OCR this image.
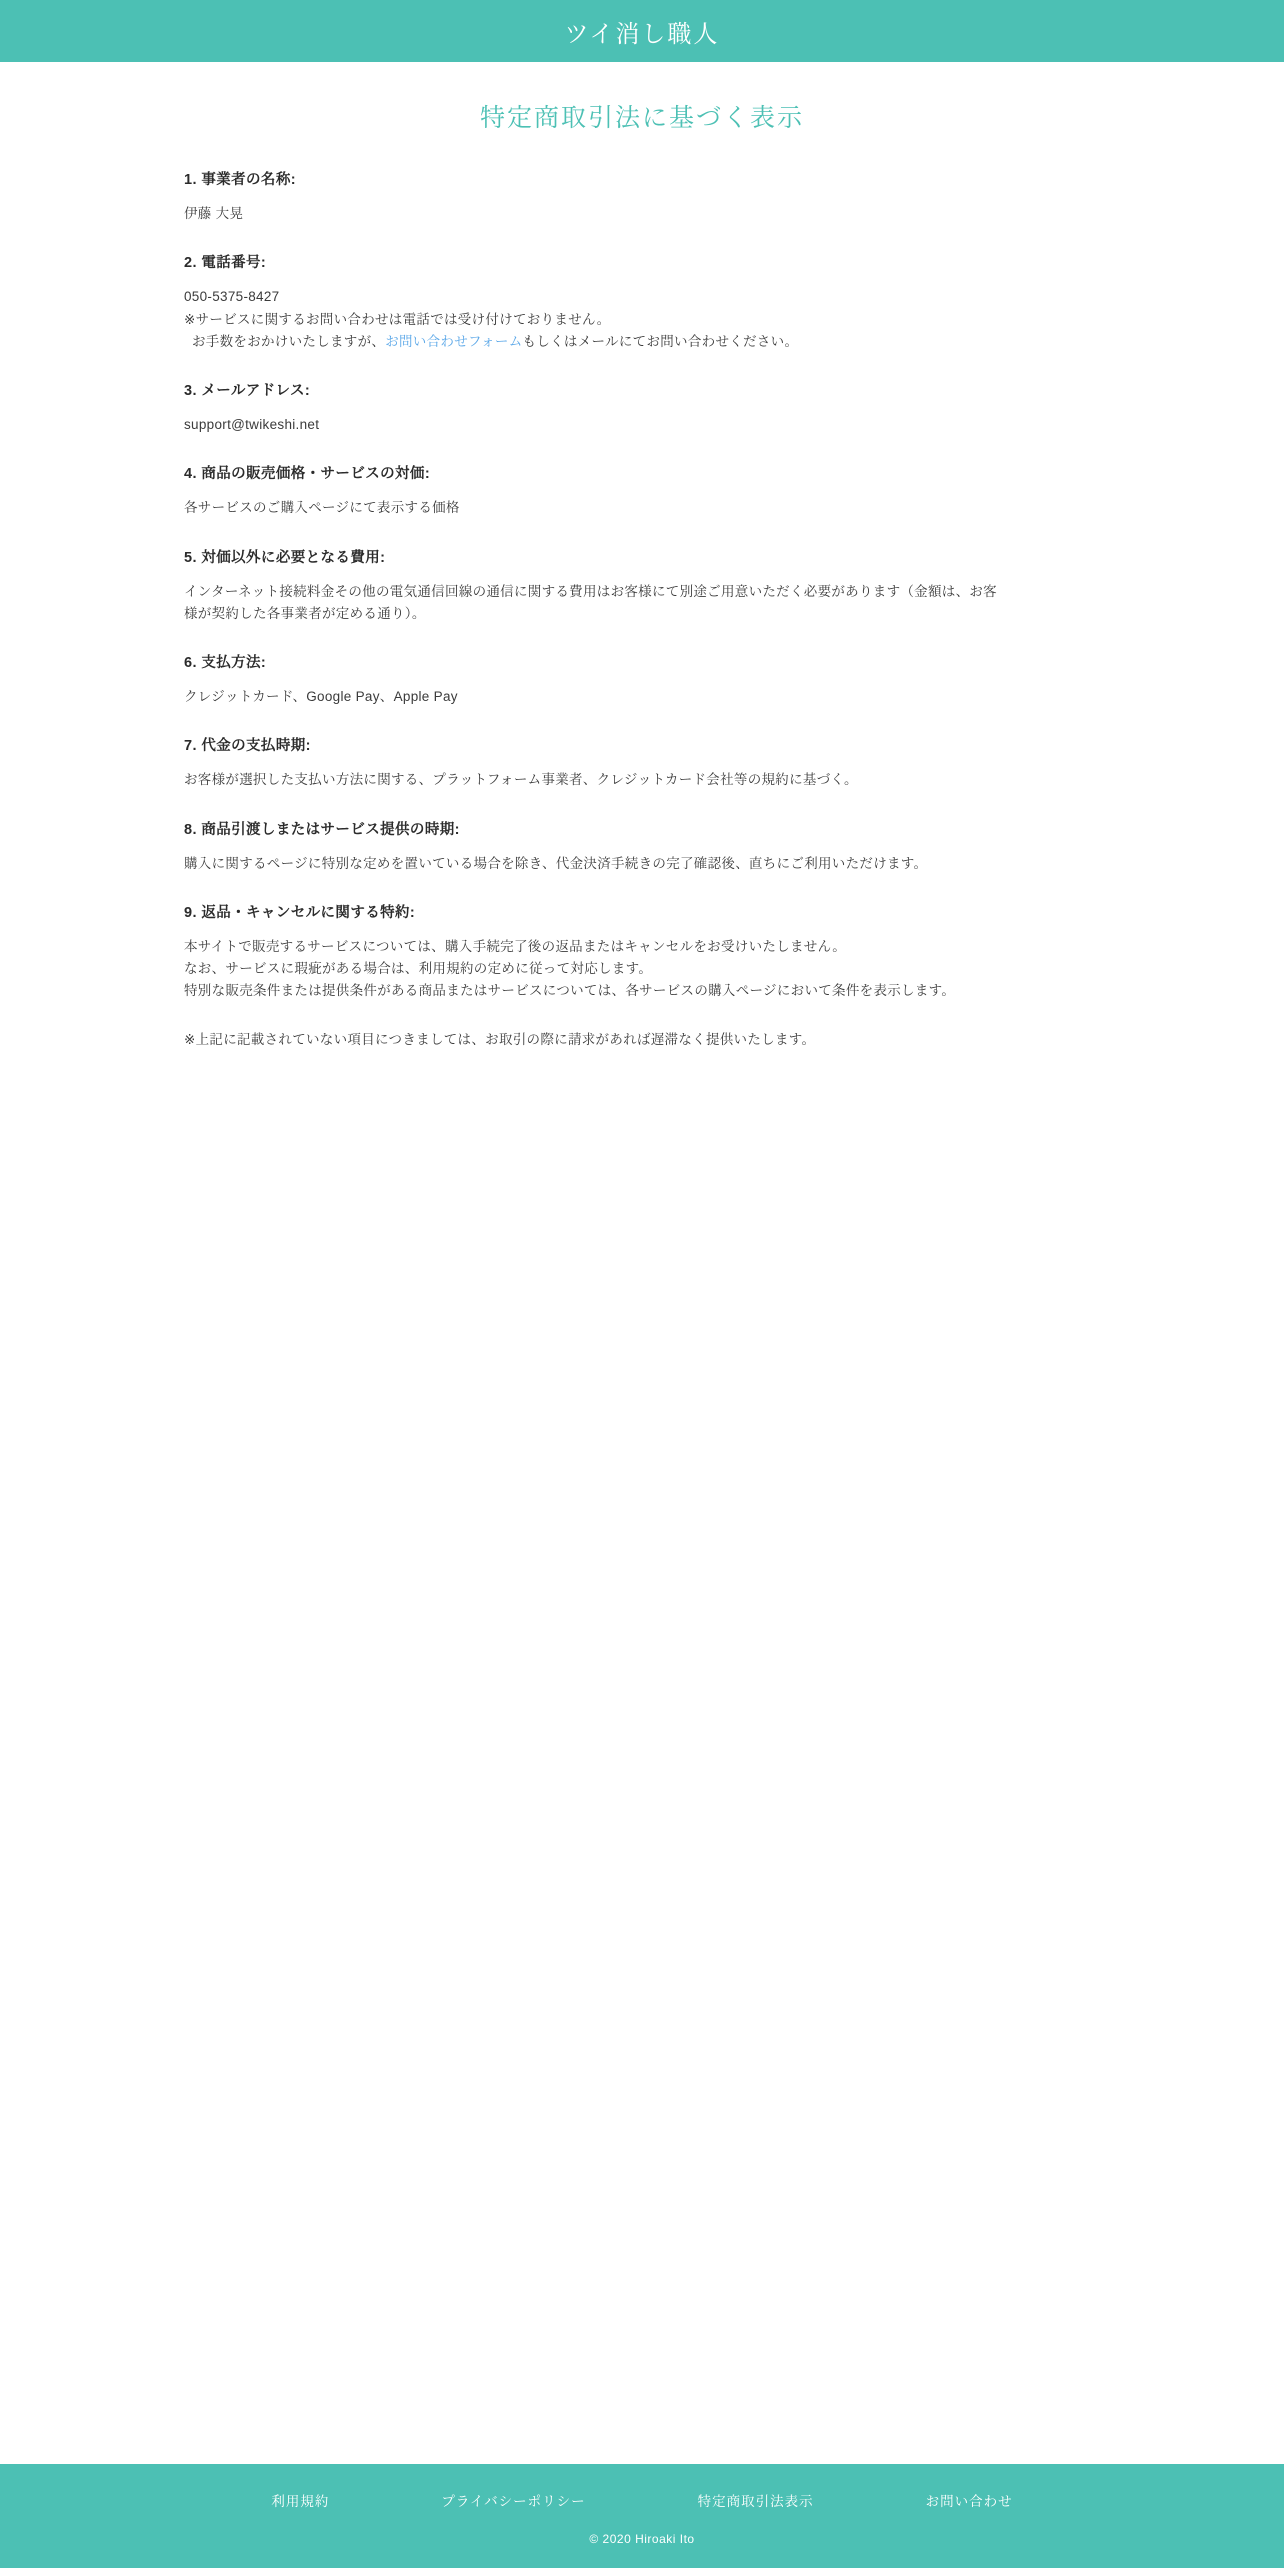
ツイ消し職人
特定商取引法に基づく表示
1. 事業者の名称:
伊藤 大晃
2. 電話番号:
050-5375-8427
※サービスに関するお問い合わせは電話では受け付けておりません。
お手数をおかけいたしますが、お問い合わせフォームもしくはメールにてお問い合わせください。
3. メールアドレス:
support@twikeshi.net
4. 商品の販売価格・サービスの対価:
各サービスのご購入ページにて表示する価格
5. 対価以外に必要となる費用:
インターネット接続料金その他の電気通信回線の通信に関する費用はお客様にて別途ご用意いただく必要があります（金額は、お客
様が契約した各事業者が定める通り）。
6. 支払方法:
クレジットカード、Google Pay、Apple Pay
7. 代金の支払時期:
お客様が選択した支払い方法に関する、プラットフォーム事業者、クレジットカード会社等の規約に基づく。
8. 商品引渡しまたはサービス提供の時期:
購入に関するページに特別な定めを置いている場合を除き、代金決済手続きの完了確認後、直ちにご利用いただけます。
9. 返品・キャンセルに関する特約:
本サイトで販売するサービスについては、購入手続完了後の返品またはキャンセルをお受けいたしません。
なお、サービスに瑕疵がある場合は、利用規約の定めに従って対応します。
特別な販売条件または提供条件がある商品またはサービスについては、各サービスの購入ページにおいて条件を表示します。
※上記に記載されていない項目につきましては、お取引の際に請求があれば遅滞なく提供いたします。
利用規約	プライバシーポリシー	特定商取引法表示	お問い合わせ
© 2020 Hiroaki Ito
